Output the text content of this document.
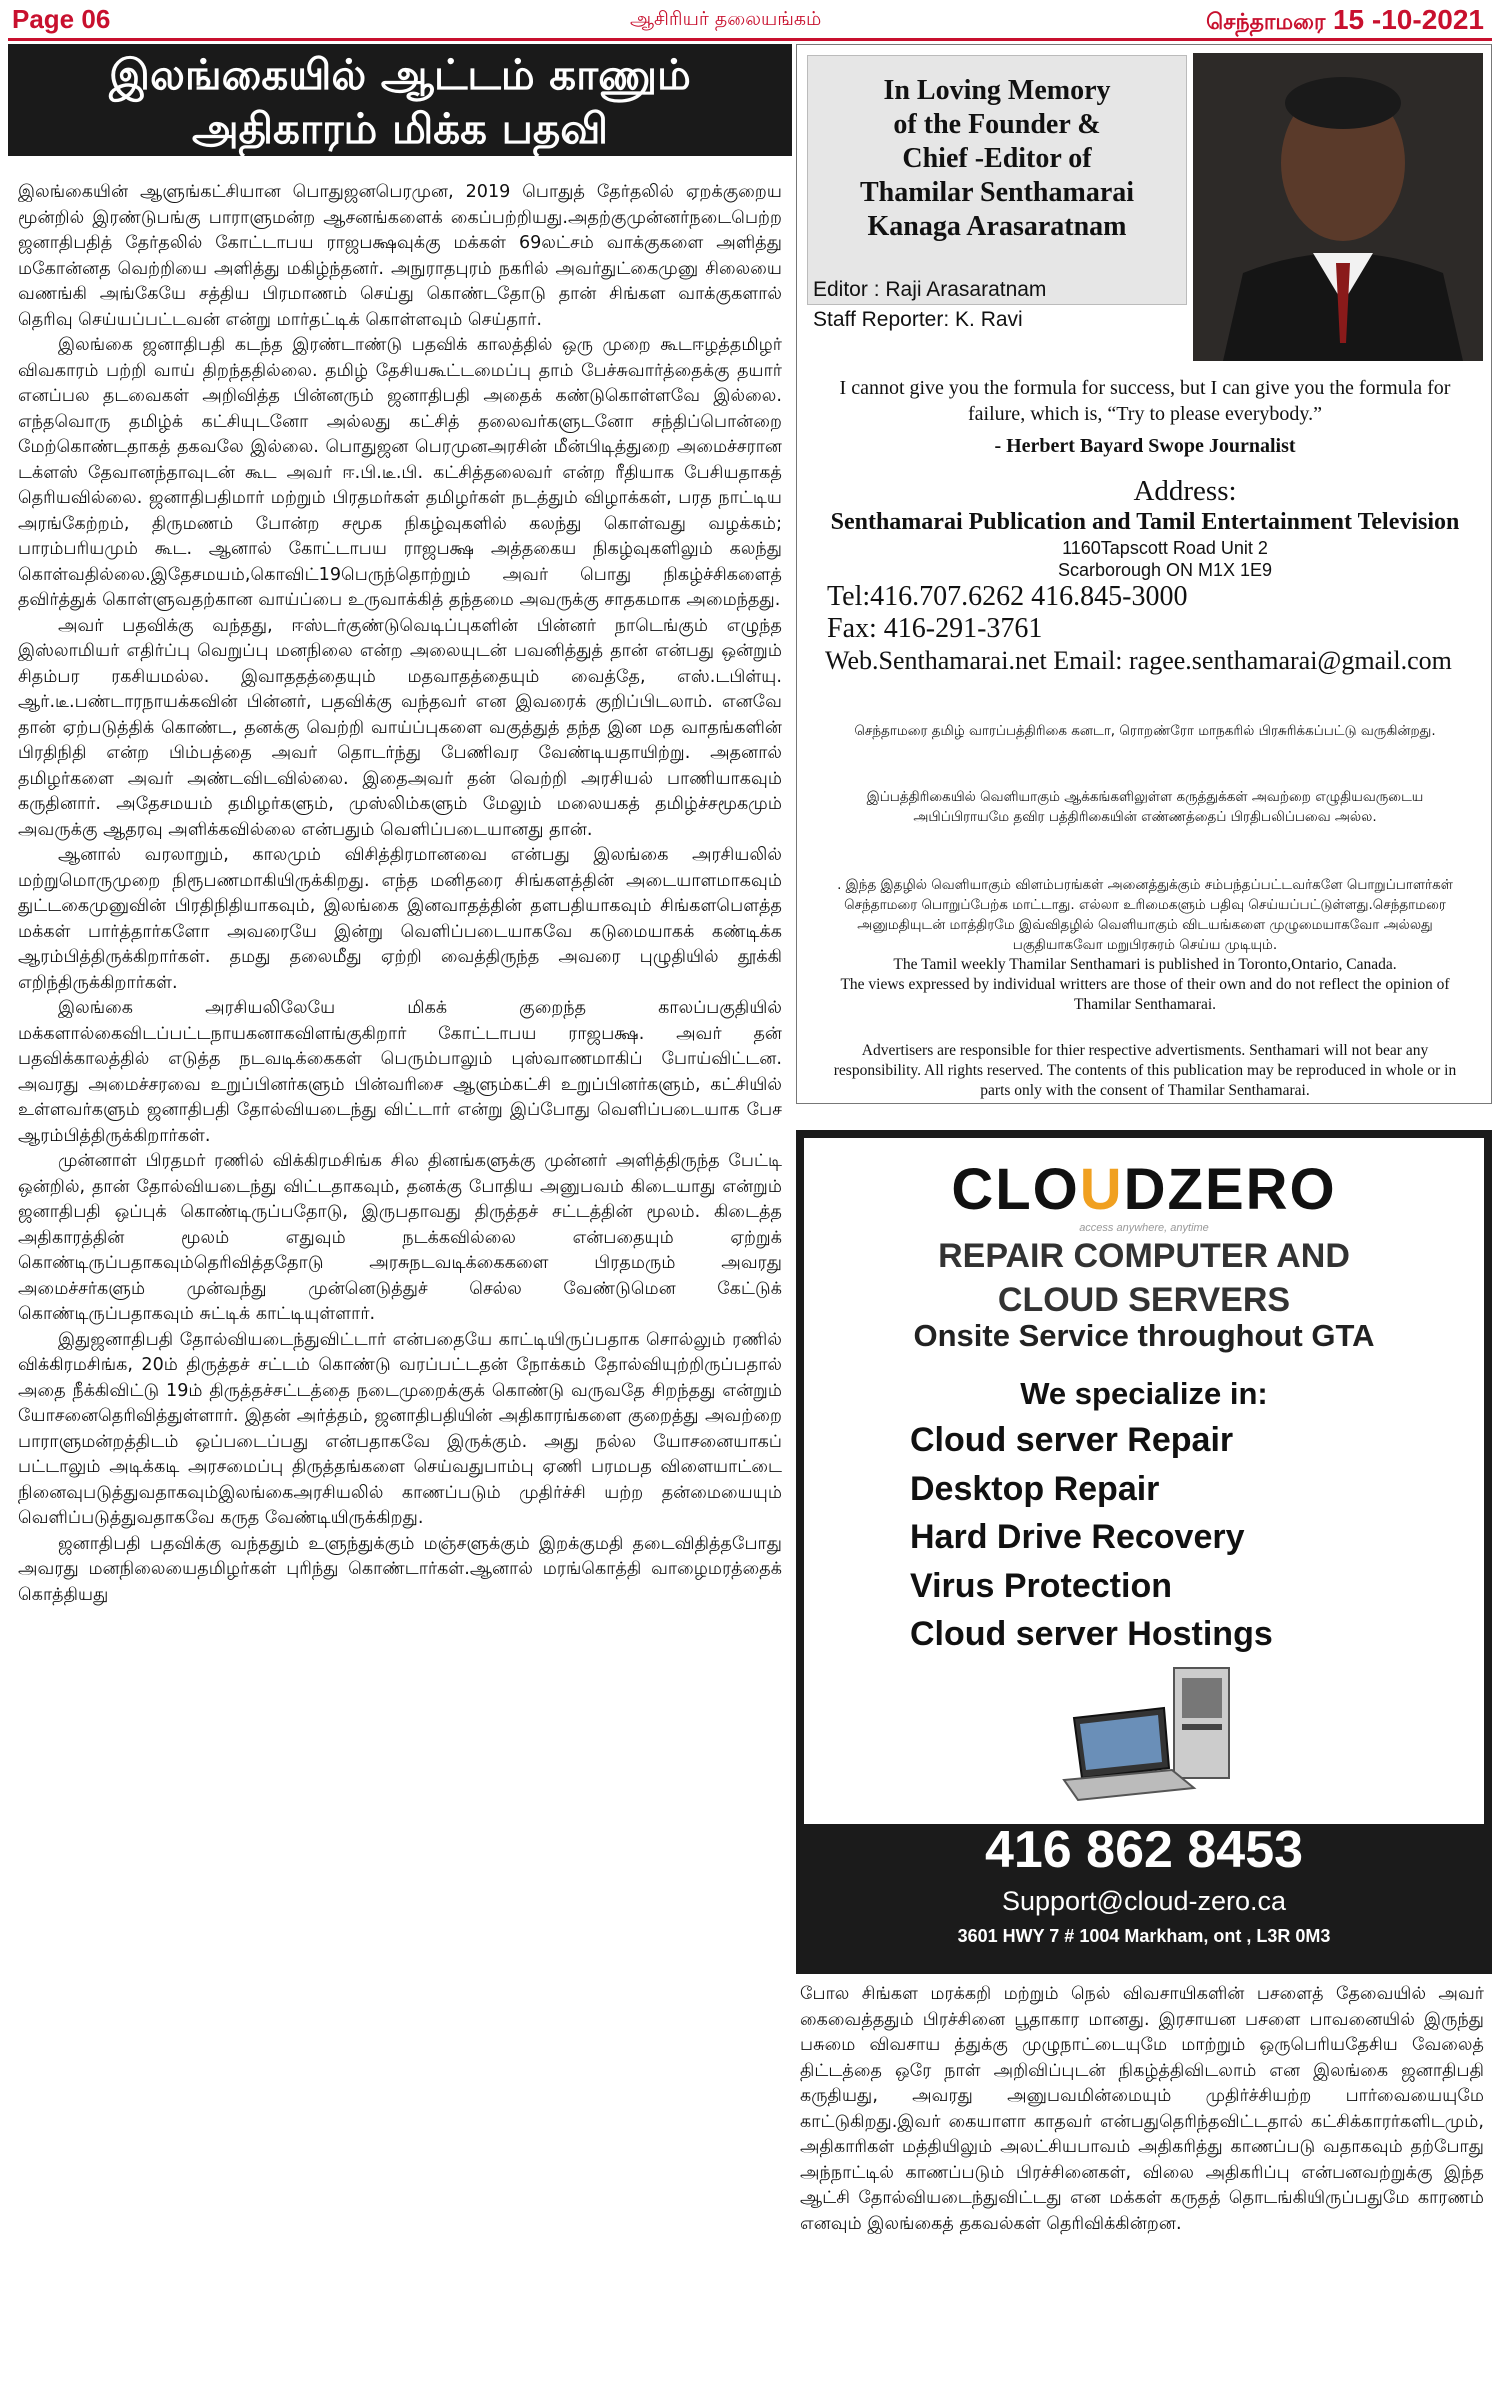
Page 06	ஆசிரியர் தலையங்கம்	செந்தாமரை 15 -10-2021
இலங்கையில் ஆட்டம் காணும்
அதிகாரம் மிக்க பதவி

இலங்கையின் ஆளுங்கட்சியான பொதுஜனபெரமுன, 2019 பொதுத் தேர்தலில் ஏறக்குறைய மூன்றில் இரண்டுபங்கு பாராளுமன்ற ஆசனங்களைக் கைப்பற்றியது.அதற்குமுன்னர்நடைபெற்ற ஜனாதிபதித் தேர்தலில் கோட்டாபய ராஜபக்ஷவுக்கு மக்கள் 69லட்சம் வாக்குகளை அளித்து மகோன்னத வெற்றியை அளித்து மகிழ்ந்தனர். அநுராதபுரம் நகரில் அவர்துட்கைமுனு சிலையை வணங்கி அங்கேயே சத்திய பிரமாணம் செய்து கொண்டதோடு தான் சிங்கள வாக்குகளால் தெரிவு செய்யப்பட்டவன் என்று மார்தட்டிக் கொள்ளவும் செய்தார்.

இலங்கை ஜனாதிபதி கடந்த இரண்டாண்டு பதவிக் காலத்தில் ஒரு முறை கூடஈழத்தமிழர் விவகாரம் பற்றி வாய் திறந்ததில்லை. தமிழ் தேசியகூட்டமைப்பு தாம் பேச்சுவார்த்தைக்கு தயார் எனப்பல தடவைகள் அறிவித்த பின்னரும் ஜனாதிபதி அதைக் கண்டுகொள்ளவே இல்லை. எந்தவொரு தமிழ்க் கட்சியுடனோ அல்லது கட்சித் தலைவர்களுடனோ சந்திப்பொன்றை மேற்கொண்டதாகத் தகவலே இல்லை. பொதுஜன பெரமுனஅரசின் மீன்பிடித்துறை அமைச்சரான டக்ளஸ் தேவானந்தாவுடன் கூட அவர் ஈ.பி.டீ.பி. கட்சித்தலைவர் என்ற ரீதியாக பேசியதாகத் தெரியவில்லை. ஜனாதிபதிமார் மற்றும் பிரதமர்கள் தமிழர்கள் நடத்தும் விழாக்கள், பரத நாட்டிய அரங்கேற்றம், திருமணம் போன்ற சமூக நிகழ்வுகளில் கலந்து கொள்வது வழக்கம்; பாரம்பரியமும் கூட. ஆனால் கோட்டாபய ராஜபக்ஷ அத்தகைய நிகழ்வுகளிலும் கலந்து கொள்வதில்லை.இதேசமயம்,கொவிட்19பெருந்தொற்றும் அவர் பொது நிகழ்ச்சிகளைத் தவிர்த்துக் கொள்ளுவதற்கான வாய்ப்பை உருவாக்கித் தந்தமை அவருக்கு சாதகமாக அமைந்தது.

அவர் பதவிக்கு வந்தது, ஈஸ்டர்குண்டுவெடிப்புகளின் பின்னர் நாடெங்கும் எழுந்த இஸ்லாமியர் எதிர்ப்பு வெறுப்பு மனநிலை என்ற அலையுடன் பவனித்துத் தான் என்பது ஒன்றும் சிதம்பர ரகசியமல்ல. இவாததத்தையும் மதவாதத்தையும் வைத்தே, எஸ்.டபிள்யு. ஆர்.டீ.பண்டாரநாயக்கவின் பின்னர், பதவிக்கு வந்தவர் என இவரைக் குறிப்பிடலாம். எனவே தான் ஏற்படுத்திக் கொண்ட, தனக்கு வெற்றி வாய்ப்புகளை வகுத்துத் தந்த இன மத வாதங்களின் பிரதிநிதி என்ற பிம்பத்தை அவர் தொடர்ந்து பேணிவர வேண்டியதாயிற்று. அதனால் தமிழர்களை அவர் அண்டவிடவில்லை. இதைஅவர் தன் வெற்றி அரசியல் பாணியாகவும் கருதினார். அதேசமயம் தமிழர்களும், முஸ்லிம்களும் மேலும் மலையகத் தமிழ்ச்சமூகமும் அவருக்கு ஆதரவு அளிக்கவில்லை என்பதும் வெளிப்படையானது தான்.

ஆனால் வரலாறும், காலமும் விசித்திரமானவை என்பது இலங்கை அரசியலில் மற்றுமொருமுறை நிரூபணமாகியிருக்கிறது. எந்த மனிதரை சிங்களத்தின் அடையாளமாகவும் துட்டகைமுனுவின் பிரதிநிதியாகவும், இலங்கை இனவாதத்தின் தளபதியாகவும் சிங்களபௌத்த மக்கள் பார்த்தார்களோ அவரையே இன்று வெளிப்படையாகவே கடுமையாகக் கண்டிக்க ஆரம்பித்திருக்கிறார்கள். தமது தலைமீது ஏற்றி வைத்திருந்த அவரை புழுதியில் தூக்கி எறிந்திருக்கிறார்கள்.

இலங்கை அரசியலிலேயே மிகக் குறைந்த காலப்பகுதியில் மக்களால்கைவிடப்பட்டநாயகனாகவிளங்குகிறார் கோட்டாபய ராஜபக்ஷ. அவர் தன் பதவிக்காலத்தில் எடுத்த நடவடிக்கைகள் பெரும்பாலும் புஸ்வாணமாகிப் போய்விட்டன. அவரது அமைச்சரவை உறுப்பினர்களும் பின்வரிசை ஆளும்கட்சி உறுப்பினர்களும், கட்சியில் உள்ளவர்களும் ஜனாதிபதி தோல்வியடைந்து விட்டார் என்று இப்போது வெளிப்படையாக பேச ஆரம்பித்திருக்கிறார்கள்.

முன்னாள் பிரதமர் ரணில் விக்கிரமசிங்க சில தினங்களுக்கு முன்னர் அளித்திருந்த பேட்டி ஒன்றில், தான் தோல்வியடைந்து விட்டதாகவும், தனக்கு போதிய அனுபவம் கிடையாது என்றும் ஜனாதிபதி ஒப்புக் கொண்டிருப்பதோடு, இருபதாவது திருத்தச் சட்டத்தின் மூலம். கிடைத்த அதிகாரத்தின் மூலம் எதுவும் நடக்கவில்லை என்பதையும் ஏற்றுக் கொண்டிருப்பதாகவும்தெரிவித்ததோடு அரசுநடவடிக்கைகளை பிரதமரும் அவரது அமைச்சர்களும் முன்வந்து முன்னெடுத்துச் செல்ல வேண்டுமென கேட்டுக் கொண்டிருப்பதாகவும் சுட்டிக் காட்டியுள்ளார்.

இதுஜனாதிபதி தோல்வியடைந்துவிட்டார் என்பதையே காட்டியிருப்பதாக சொல்லும் ரணில் விக்கிரமசிங்க, 20ம் திருத்தச் சட்டம் கொண்டு வரப்பட்டதன் நோக்கம் தோல்வியுற்றிருப்பதால் அதை நீக்கிவிட்டு 19ம் திருத்தச்சட்டத்தை நடைமுறைக்குக் கொண்டு வருவதே சிறந்தது என்றும் யோசனைதெரிவித்துள்ளார். இதன் அர்த்தம், ஜனாதிபதியின் அதிகாரங்களை குறைத்து அவற்றை பாராளுமன்றத்திடம் ஒப்படைப்பது என்பதாகவே இருக்கும். அது நல்ல யோசனையாகப் பட்டாலும் அடிக்கடி அரசமைப்பு திருத்தங்களை செய்வதுபாம்பு ஏணி பரமபத விளையாட்டை நினைவுபடுத்துவதாகவும்இலங்கைஅரசியலில் காணப்படும் முதிர்ச்சி யற்ற தன்மையையும் வெளிப்படுத்துவதாகவே கருத வேண்டியிருக்கிறது.

ஜனாதிபதி பதவிக்கு வந்ததும் உளுந்துக்கும் மஞ்சளுக்கும் இறக்குமதி தடைவிதித்தபோது அவரது மனநிலையைதமிழர்கள் புரிந்து கொண்டார்கள்.ஆனால் மரங்கொத்தி வாழைமரத்தைக் கொத்தியது

In Loving Memory
of the Founder &
Chief -Editor of
Thamilar Senthamarai
Kanaga Arasaratnam
Editor : Raji Arasaratnam
Staff Reporter: K. Ravi
I cannot give you the formula for success, but I can give you the formula for failure, which is, “Try to please everybody.”
- Herbert Bayard Swope Journalist
Address:
Senthamarai Publication and Tamil Entertainment Television
1160Tapscott Road Unit 2
Scarborough ON M1X 1E9
Tel:416.707.6262 416.845-3000
Fax: 416-291-3761
Web.Senthamarai.net Email: ragee.senthamarai@gmail.com
செந்தாமரை தமிழ் வாரப்பத்திரிகை கனடா, ரொறண்ரோ மாநகரில் பிரசுரிக்கப்பட்டு வருகின்றது.
இப்பத்திரிகையில் வெளியாகும் ஆக்கங்களிலுள்ள கருத்துக்கள் அவற்றை எழுதியவருடைய அபிப்பிராயமே தவிர பத்திரிகையின் எண்ணத்தைப் பிரதிபலிப்பவை அல்ல.
. இந்த இதழில் வெளியாகும் விளம்பரங்கள் அனைத்துக்கும் சம்பந்தப்பட்டவர்களே பொறுப்பாளர்கள் செந்தாமரை பொறுப்பேற்க மாட்டாது. எல்லா உரிமைகளும் பதிவு செய்யப்பட்டுள்ளது.செந்தாமரை அனுமதியுடன் மாத்திரமே இவ்விதழில் வெளியாகும் விடயங்களை முழுமையாகவோ அல்லது பகுதியாகவோ மறுபிரசுரம் செய்ய முடியும்.
The Tamil weekly Thamilar Senthamari is published in Toronto,Ontario, Canada.
The views expressed by individual writters are those of their own and do not reflect the opinion of Thamilar Senthamarai.
Advertisers are responsible for thier respective advertisments. Senthamari will not bear any responsibility. All rights reserved. The contents of this publication may be reproduced in whole or in parts only with the consent of Thamilar Senthamarai.
CLOUDZERO
access anywhere, anytime
REPAIR COMPUTER AND
CLOUD SERVERS
Onsite Service throughout GTA
We specialize in:
Cloud server Repair
Desktop Repair
Hard Drive Recovery
Virus Protection
Cloud server Hostings
416 862 8453
Support@cloud-zero.ca
3601 HWY 7 # 1004 Markham, ont , L3R 0M3
போல சிங்கள மரக்கறி மற்றும் நெல் விவசாயிகளின் பசளைத் தேவையில் அவர் கைவைத்ததும் பிரச்சினை பூதாகார மானது. இரசாயன பசளை பாவனையில் இருந்து பசுமை விவசாய த்துக்கு முழுநாட்டையுமே மாற்றும் ஒருபெரியதேசிய வேலைத் திட்டத்தை ஒரே நாள் அறிவிப்புடன் நிகழ்த்திவிடலாம் என இலங்கை ஜனாதிபதி கருதியது, அவரது அனுபவமின்மையும் முதிர்ச்சியற்ற பார்வையையுமே காட்டுகிறது.இவர் கையாளா காதவர் என்பதுதெரிந்தவிட்டதால் கட்சிக்காரர்களிடமும், அதிகாரிகள் மத்தியிலும் அலட்சியபாவம் அதிகரித்து காணப்படு வதாகவும் தற்போது அந்நாட்டில் காணப்படும் பிரச்சினைகள், விலை அதிகரிப்பு என்பனவற்றுக்கு இந்த ஆட்சி தோல்வியடைந்துவிட்டது என மக்கள் கருதத் தொடங்கியிருப்பதுமே காரணம் எனவும் இலங்கைத் தகவல்கள் தெரிவிக்கின்றன.
